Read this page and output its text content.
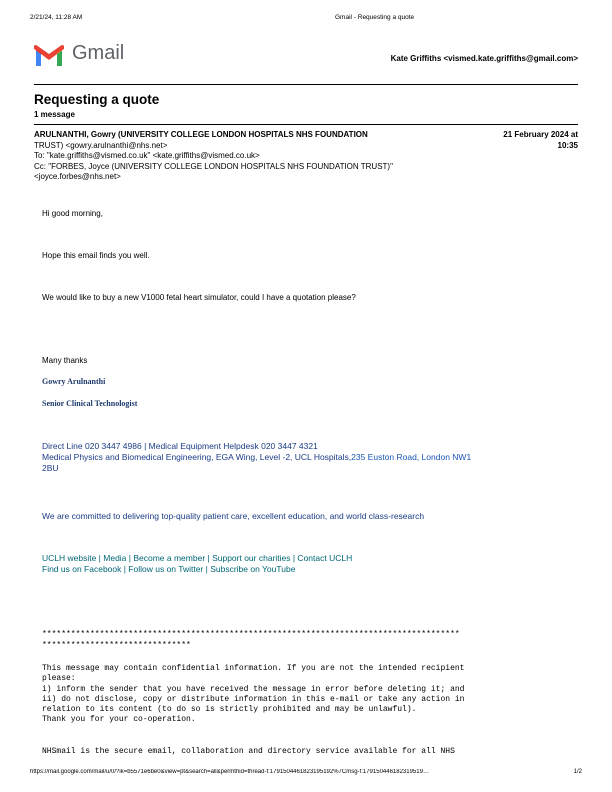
2/21/24, 11:28 AM	Gmail - Requesting a quote
Gmail	Kate Griffiths <vismed.kate.griffiths@gmail.com>
Requesting a quote
1 message
ARULNANTHI, Gowry (UNIVERSITY COLLEGE LONDON HOSPITALS NHS FOUNDATION
TRUST) <gowry.arulnanthi@nhs.net>
21 February 2024 at
10:35
To: "kate.griffiths@vismed.co.uk" <kate.griffiths@vismed.co.uk>
Cc: "FORBES, Joyce (UNIVERSITY COLLEGE LONDON HOSPITALS NHS FOUNDATION TRUST)"
<joyce.forbes@nhs.net>
Hi good morning,
Hope this email finds you well.
We would like to buy a new V1000 fetal heart simulator, could I have a quotation please?
Many thanks
Gowry Arulnanthi
Senior Clinical Technologist
Direct Line 020 3447 4986 | Medical Equipment Helpdesk 020 3447 4321
Medical Physics and Biomedical Engineering, EGA Wing, Level -2, UCL Hospitals,235 Euston Road, London NW1
2BU
We are committed to delivering top-quality patient care, excellent education, and world class-research
UCLH website | Media | Become a member | Support our charities | Contact UCLH
Find us on Facebook | Follow us on Twitter | Subscribe on YouTube
***************************************************************************************
*******************************
This message may contain confidential information. If you are not the intended recipient
please:
i) inform the sender that you have received the message in error before deleting it; and
ii) do not disclose, copy or distribute information in this e-mail or take any action in
relation to its content (to do so is strictly prohibited and may be unlawful).
Thank you for your co-operation.
NHSmail is the secure email, collaboration and directory service available for all NHS
https://mail.google.com/mail/u/0/?ik=b5571e6be0&view=pt&search=all&permthid=thread-f:1791504461823195192%7Cmsg-f:179150446182319519…	1/2
